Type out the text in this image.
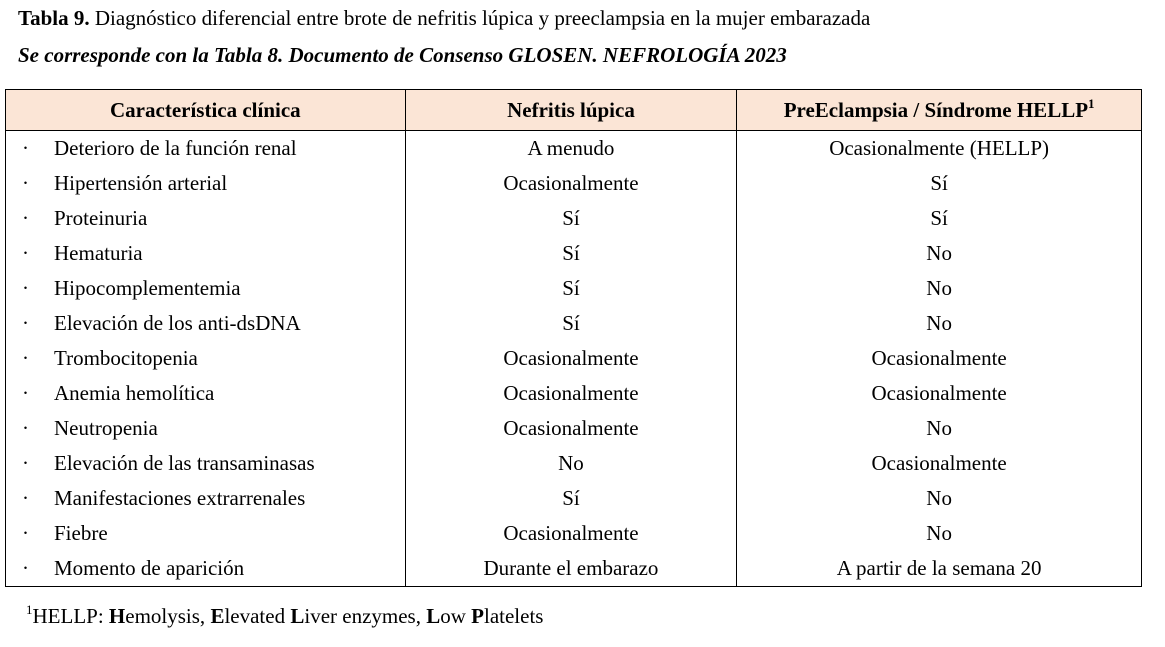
Tabla 9. Diagnóstico diferencial entre brote de nefritis lúpica y preeclampsia en la mujer embarazada
Se corresponde con la Tabla 8. Documento de Consenso GLOSEN. NEFROLOGÍA 2023
Característica clínica	Nefritis lúpica	PreEclampsia / Síndrome $HELLP^1$
· Deterioro de la función renal	A menudo	Ocasionalmente (HELLP)
· Hipertensión arterial	Ocasionalmente	Sí
· Proteinuria	Sí	Sí
· Hematuria	Sí	No
· Hipocomplementemia	Sí	No
· Elevación de los anti-dsDNA	Sí	No
· Trombocitopenia	Ocasionalmente	Ocasionalmente
· Anemia hemolítica	Ocasionalmente	Ocasionalmente
· Neutropenia	Ocasionalmente	No
· Elevación de las transaminasas	No	Ocasionalmente
· Manifestaciones extrarrenales	Sí	No
· Fiebre	Ocasionalmente	No
· Momento de aparición	Durante el embarazo	A partir de la semana 20
$^1$HELLP: Hemolysis, Elevated Liver enzymes, Low Platelets
